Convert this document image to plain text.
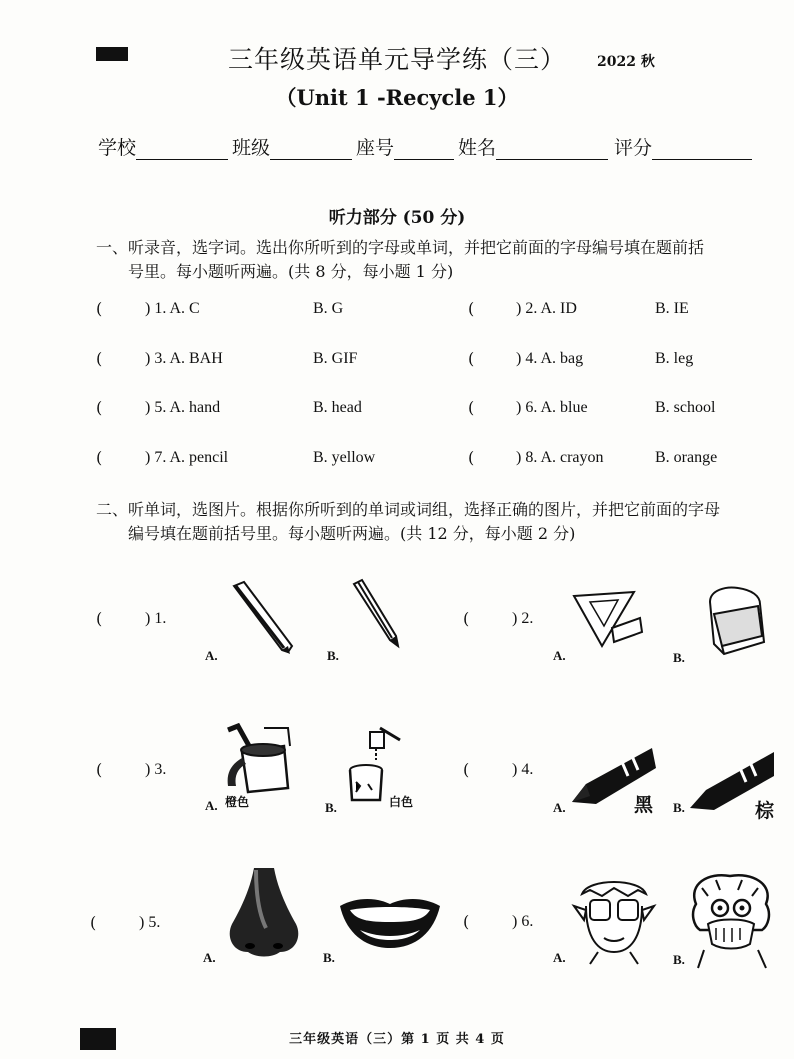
三年级英语单元导学练（三）	2022 秋
（Unit 1 -Recycle 1）
学校	班级	座号	姓名	评分
听力部分 (50 分)
一、听录音，选字词。选出你所听到的字母或单词，并把它前面的字母编号填在题前括
号里。每小题听两遍。(共 8 分，每小题 1 分)
(	) 1. A. C	B. G	(	) 2. A. ID	B. IE
(	) 3. A. BAH	B. GIF	(	) 4. A. bag	B. leg
(	) 5. A. hand	B. head	(	) 6. A. blue	B. school
(	) 7. A. pencil	B. yellow	(	) 8. A. crayon	B. orange
二、听单词，选图片。根据你所听到的单词或词组，选择正确的图片，并把它前面的字母
编号填在题前括号里。每小题听两遍。(共 12 分，每小题 2 分)
(	) 1.
A.	B.
(	) 2.
A.	B.
(	) 3.
A. 橙色	B.	白色
(	) 4.
A.	黑 B.	棕
(	) 5.
A.	B.
(	) 6.
A.	B.
三年级英语（三）第 1 页 共 4 页
